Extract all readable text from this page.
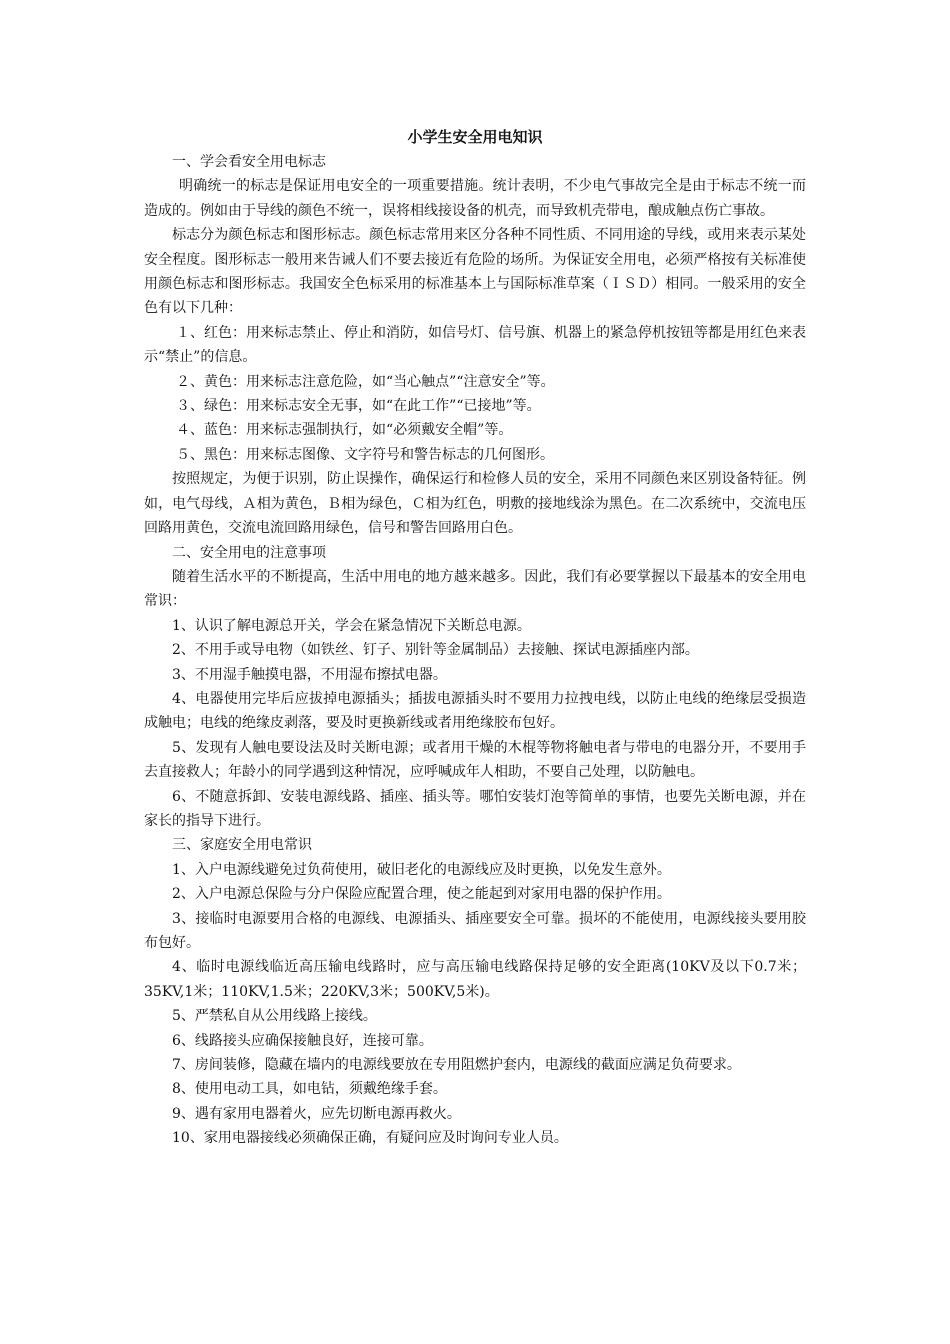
小学生安全用电知识

一、学会看安全用电标志

明确统一的标志是保证用电安全的一项重要措施。统计表明，不少电气事故完全是由于标志不统一而造成的。例如由于导线的颜色不统一，误将相线接设备的机壳，而导致机壳带电，酿成触点伤亡事故。

标志分为颜色标志和图形标志。颜色标志常用来区分各种不同性质、不同用途的导线，或用来表示某处安全程度。图形标志一般用来告诫人们不要去接近有危险的场所。为保证安全用电，必须严格按有关标准使用颜色标志和图形标志。我国安全色标采用的标准基本上与国际标准草案（ＩＳＤ）相同。一般采用的安全色有以下几种：

１、红色：用来标志禁止、停止和消防，如信号灯、信号旗、机器上的紧急停机按钮等都是用红色来表示“禁止”的信息。

２、黄色：用来标志注意危险，如“当心触点”“注意安全”等。

３、绿色：用来标志安全无事，如“在此工作”“已接地”等。

４、蓝色：用来标志强制执行，如“必须戴安全帽”等。

５、黑色：用来标志图像、文字符号和警告标志的几何图形。

按照规定，为便于识别，防止误操作，确保运行和检修人员的安全，采用不同颜色来区别设备特征。例如，电气母线，Ａ相为黄色，Ｂ相为绿色，Ｃ相为红色，明敷的接地线涂为黑色。在二次系统中，交流电压回路用黄色，交流电流回路用绿色，信号和警告回路用白色。

二、安全用电的注意事项

随着生活水平的不断提高，生活中用电的地方越来越多。因此，我们有必要掌握以下最基本的安全用电常识：

1、认识了解电源总开关，学会在紧急情况下关断总电源。

2、不用手或导电物（如铁丝、钉子、别针等金属制品）去接触、探试电源插座内部。

3、不用湿手触摸电器，不用湿布擦拭电器。

4、电器使用完毕后应拔掉电源插头；插拔电源插头时不要用力拉拽电线，以防止电线的绝缘层受损造成触电；电线的绝缘皮剥落，要及时更换新线或者用绝缘胶布包好。

5、发现有人触电要设法及时关断电源；或者用干燥的木棍等物将触电者与带电的电器分开，不要用手去直接救人；年龄小的同学遇到这种情况，应呼喊成年人相助，不要自己处理，以防触电。

6、不随意拆卸、安装电源线路、插座、插头等。哪怕安装灯泡等简单的事情，也要先关断电源，并在家长的指导下进行。

三、家庭安全用电常识

1、入户电源线避免过负荷使用，破旧老化的电源线应及时更换，以免发生意外。

2、入户电源总保险与分户保险应配置合理，使之能起到对家用电器的保护作用。

3、接临时电源要用合格的电源线、电源插头、插座要安全可靠。损坏的不能使用，电源线接头要用胶布包好。

4、临时电源线临近高压输电线路时，应与高压输电线路保持足够的安全距离(10KV及以下0.7米；35KV,1米；110KV,1.5米；220KV,3米；500KV,5米)。

5、严禁私自从公用线路上接线。

6、线路接头应确保接触良好，连接可靠。

7、房间装修，隐藏在墙内的电源线要放在专用阻燃护套内，电源线的截面应满足负荷要求。

8、使用电动工具，如电钻，须戴绝缘手套。

9、遇有家用电器着火，应先切断电源再救火。

10、家用电器接线必须确保正确，有疑问应及时询问专业人员。
